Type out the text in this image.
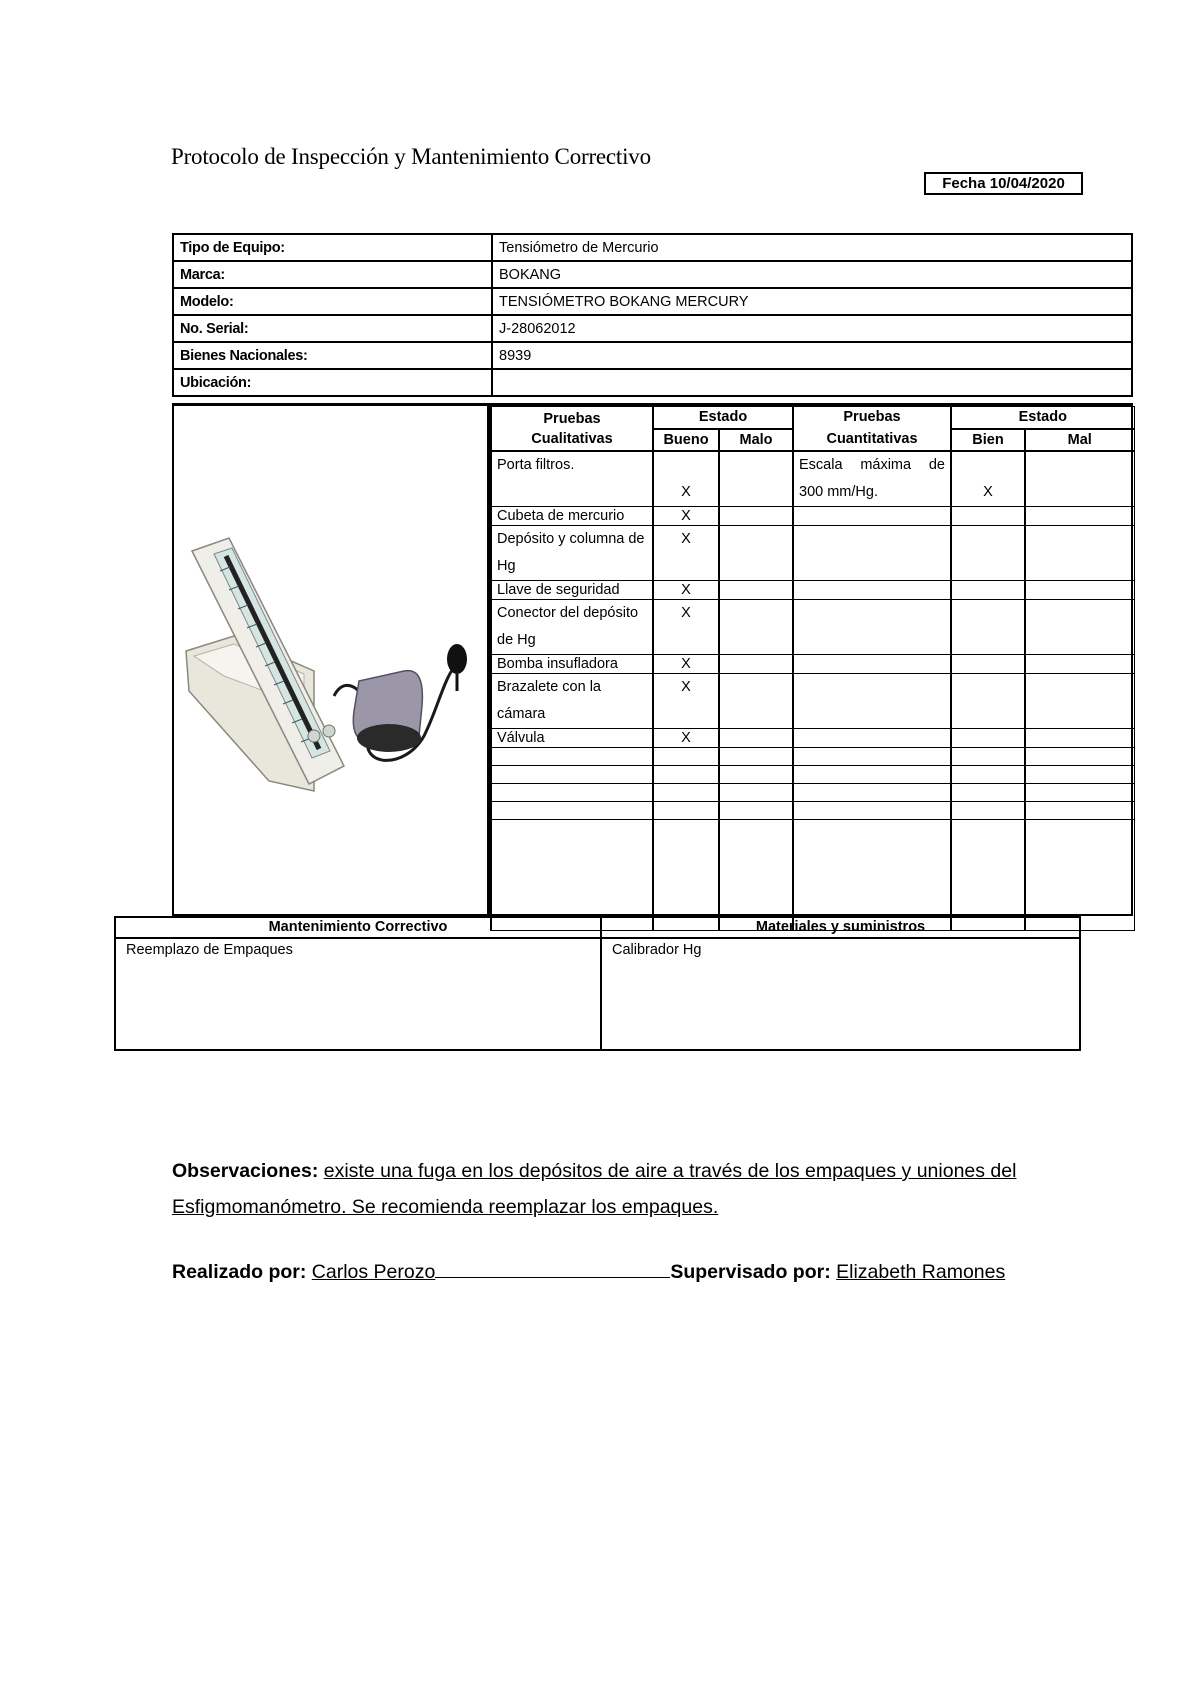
Protocolo de Inspección y Mantenimiento Correctivo
Fecha 10/04/2020
Tipo de Equipo:	Tensiómetro de Mercurio
Marca:	BOKANG
Modelo:	TENSIÓMETRO BOKANG MERCURY
No. Serial:	J-28062012
Bienes Nacionales:	8939
Ubicación:	
Pruebas	Estado		Pruebas	Estado	
Cualitativas	Bueno	Malo	Cuantitativas	Bien	Mal
Porta filtros.	X		Escala máxima de 300 mm/Hg.	X	
Cubeta de mercurio	X				
Depósito y columna de Hg	X				
Llave de seguridad	X				
Conector del depósito de Hg	X				
Bomba insufladora	X				
Brazalete con la cámara	X				
Válvula	X				

Mantenimiento Correctivo	Materiales y suministros
Reemplazo de Empaques	Calibrador Hg
Observaciones: existe una fuga en los depósitos de aire a través de los empaques y uniones del Esfigmomanómetro. Se recomienda reemplazar los empaques.
Realizado por: Carlos Perozo	Supervisado por: Elizabeth Ramones
